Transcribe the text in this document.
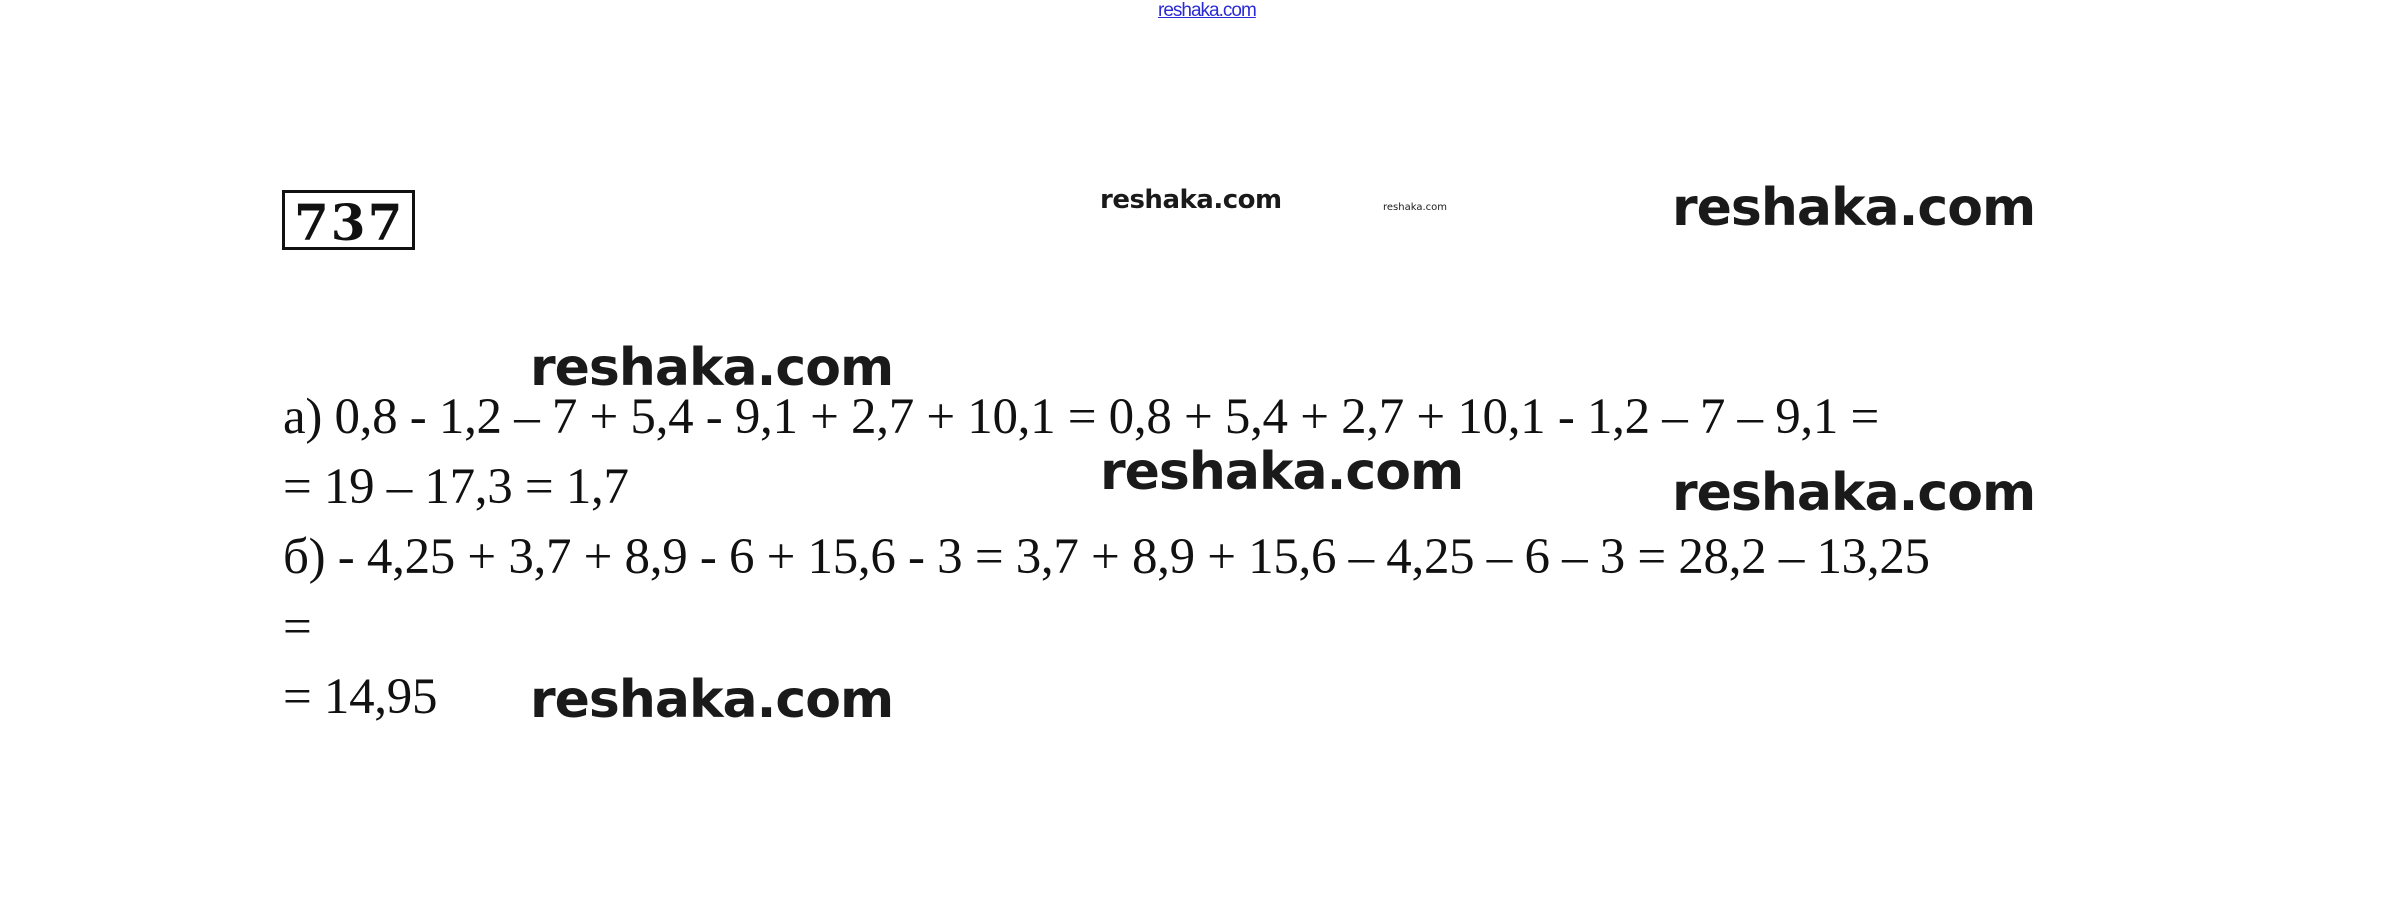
reshaka.com
737	reshaka.com	reshaka.com	reshaka.com
reshaka.com
reshaka.com	reshaka.com
reshaka.com
а) 0,8 - 1,2 – 7 + 5,4 - 9,1 + 2,7 + 10,1 = 0,8 + 5,4 + 2,7 + 10,1 - 1,2 – 7 – 9,1 =
= 19 – 17,3 = 1,7
б) - 4,25 + 3,7 + 8,9 - 6 + 15,6 - 3 = 3,7 + 8,9 + 15,6 – 4,25 – 6 – 3 = 28,2 – 13,25
=
= 14,95
